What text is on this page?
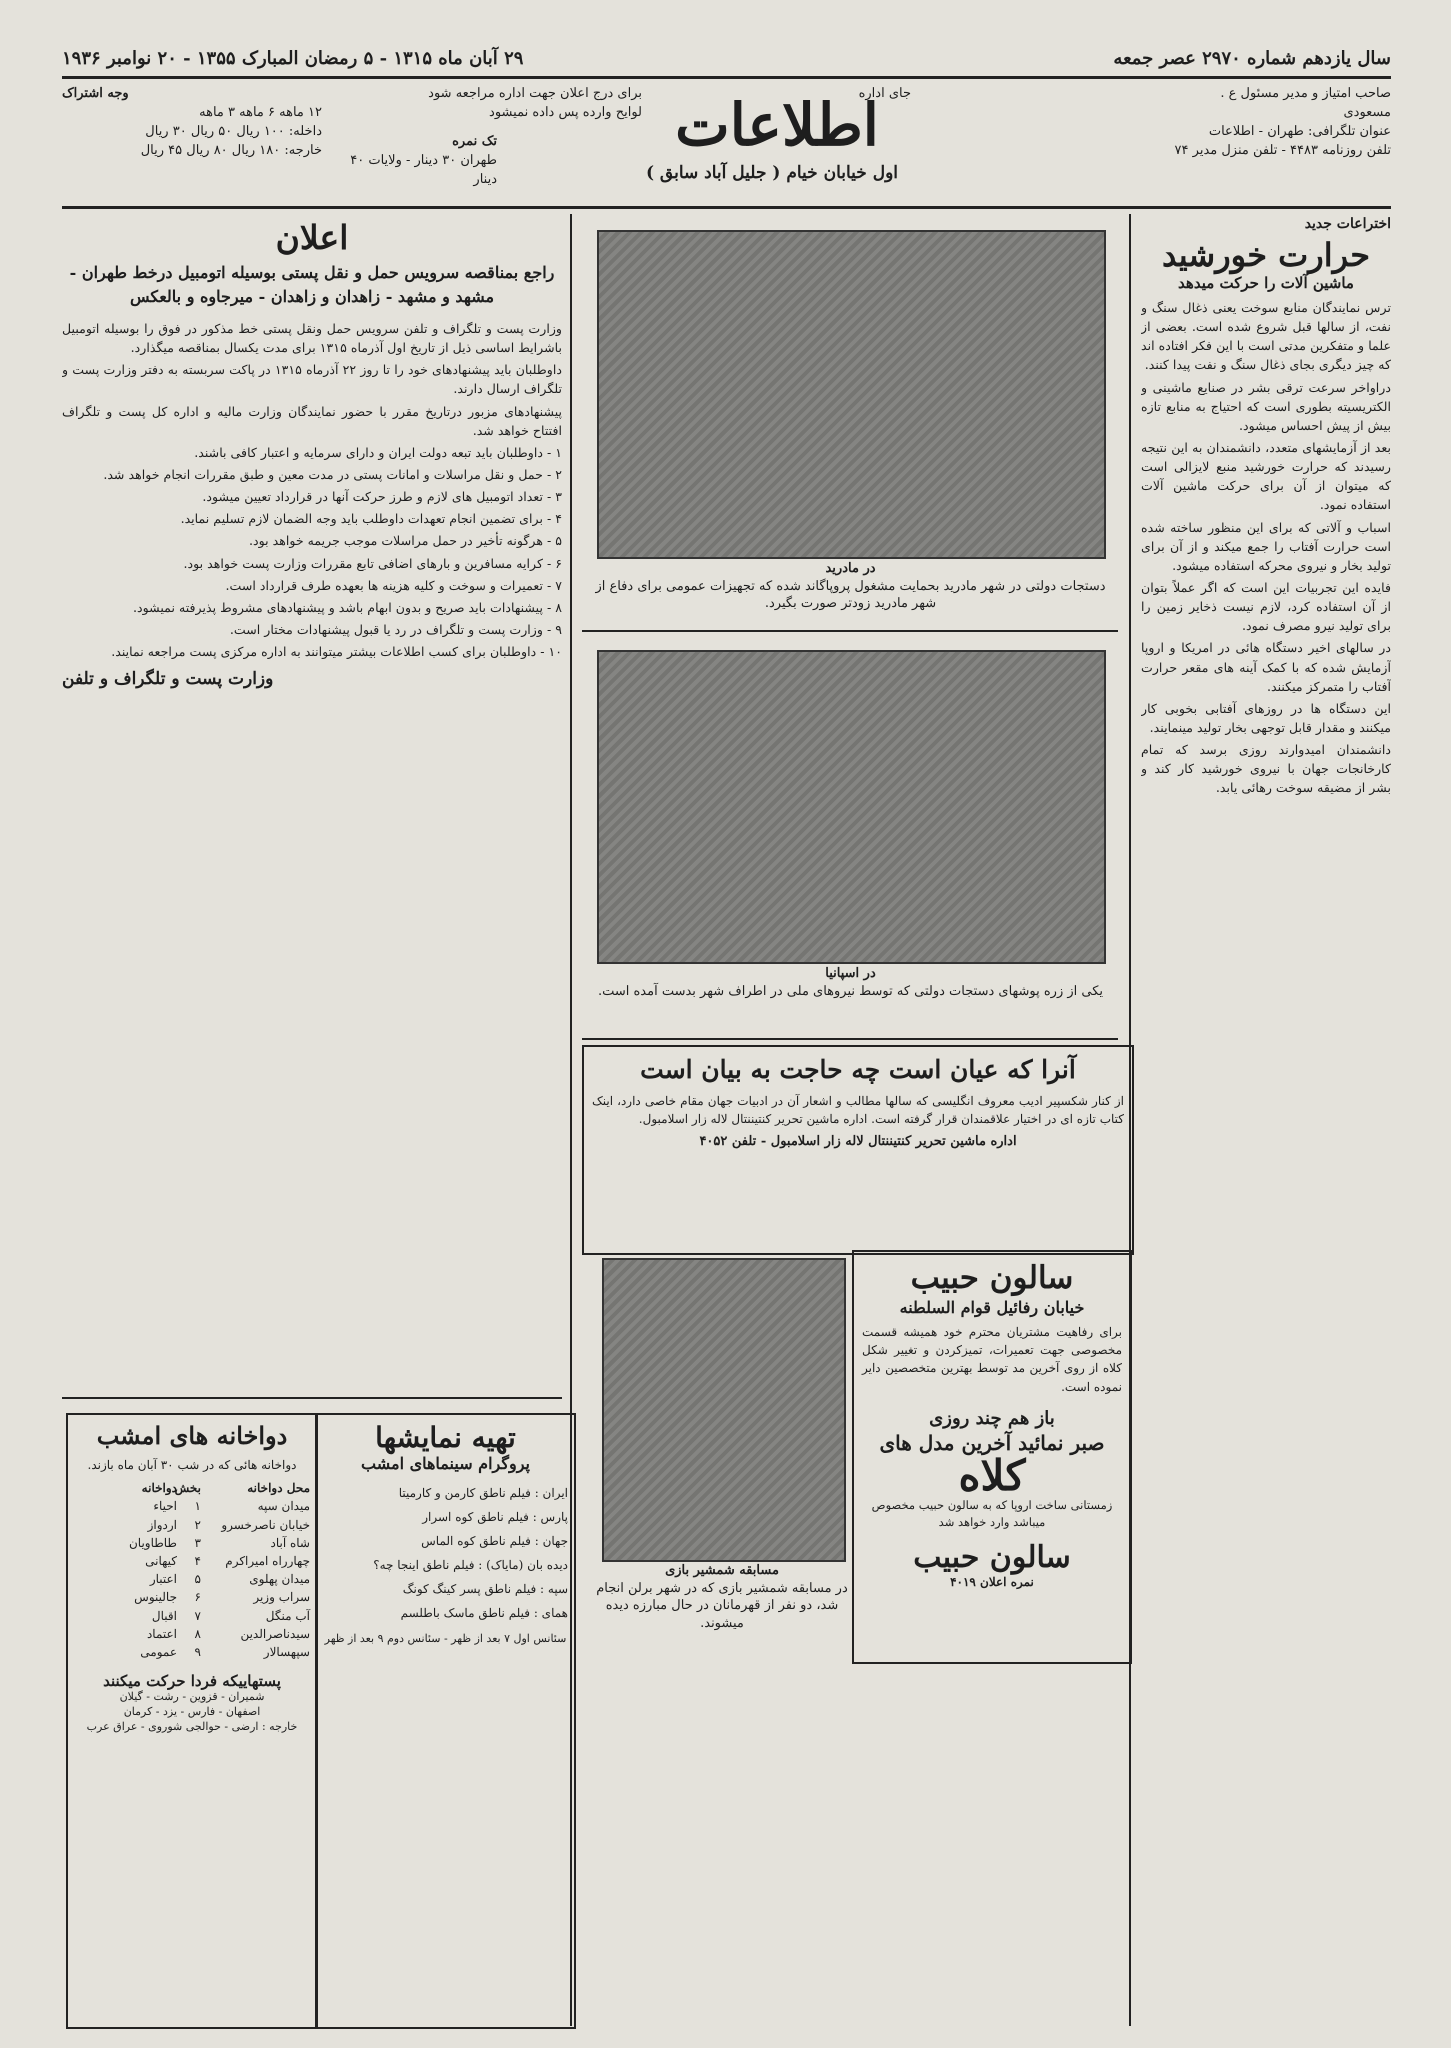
سال یازدهم شماره ۲۹۷۰ عصر جمعه
۲۹ آبان ماه ۱۳۱۵ - ۵ رمضان المبارک ۱۳۵۵ - ۲۰ نوامبر ۱۹۳۶
صاحب امتیاز و مدیر مسئول ع . مسعودی
عنوان تلگرافی: طهران - اطلاعات
تلفن روزنامه ۴۴۸۳ - تلفن منزل مدیر ۷۴
جای اداره
اطلاعات
اول خیابان خیام ( جلیل آباد سابق )
برای درج اعلان جهت اداره مراجعه شود
لوایح وارده پس داده نمیشود
تک نمره
طهران ۳۰ دینار - ولایات ۴۰ دینار
وجه اشتراک
۱۲ ماهه ۶ ماهه ۳ ماهه
داخله: ۱۰۰ ریال ۵۰ ریال ۳۰ ریال
خارجه: ۱۸۰ ریال ۸۰ ریال ۴۵ ریال
اختراعات جدید
حرارت خورشید
ماشین آلات را حرکت میدهد

ترس نمایندگان منابع سوخت یعنی ذغال سنگ و نفت، از سالها قبل شروع شده است. بعضی از علما و متفکرین مدتی است با این فکر افتاده اند که چیز دیگری بجای ذغال سنگ و نفت پیدا کنند.

دراواخر سرعت ترقی بشر در صنایع ماشینی و الکتریسیته بطوری است که احتیاج به منابع تازه بیش از پیش احساس میشود.

بعد از آزمایشهای متعدد، دانشمندان به این نتیجه رسیدند که حرارت خورشید منبع لایزالی است که میتوان از آن برای حرکت ماشین آلات استفاده نمود.

اسباب و آلاتی که برای این منظور ساخته شده است حرارت آفتاب را جمع میکند و از آن برای تولید بخار و نیروی محرکه استفاده میشود.

فایده این تجربیات این است که اگر عملاً بتوان از آن استفاده کرد، لازم نیست ذخایر زمین را برای تولید نیرو مصرف نمود.

در سالهای اخیر دستگاه هائی در امریکا و اروپا آزمایش شده که با کمک آینه های مقعر حرارت آفتاب را متمرکز میکنند.

این دستگاه ها در روزهای آفتابی بخوبی کار میکنند و مقدار قابل توجهی بخار تولید مینمایند.

دانشمندان امیدوارند روزی برسد که تمام کارخانجات جهان با نیروی خورشید کار کند و بشر از مضیقه سوخت رهائی یابد.

در مادرید
دستجات دولتی در شهر مادرید بحمایت مشغول پروپاگاند شده که تجهیزات عمومی برای دفاع از شهر مادرید زودتر صورت بگیرد.
در اسپانیا
یکی از زره پوشهای دستجات دولتی که توسط نیروهای ملی در اطراف شهر بدست آمده است.
آنرا که عیان است چه حاجت به بیان است
از کنار شکسپیر ادیب معروف انگلیسی که سالها مطالب و اشعار آن در ادبیات جهان مقام خاصی دارد، اینک کتاب تازه ای در اختیار علاقمندان قرار گرفته است. اداره ماشین تحریر کنتیننتال لاله زار اسلامبول.
اداره ماشین تحریر کنتیننتال لاله زار اسلامبول - تلفن ۴۰۵۲
مسابقه شمشیر بازی
در مسابقه شمشیر بازی که در شهر برلن انجام شد، دو نفر از قهرمانان در حال مبارزه دیده میشوند.
سالون حبیب
خیابان رفائیل قوام السلطنه
برای رفاهیت مشتریان محترم خود همیشه قسمت مخصوصی جهت تعمیرات، تمیزکردن و تغییر شکل کلاه از روی آخرین مد توسط بهترین متخصصین دایر نموده است.
باز هم چند روزی
صبر نمائید آخرین مدل های
کلاه
زمستانی ساخت اروپا که به سالون حبیب مخصوص میباشد وارد خواهد شد
سالون حبیب
نمره اعلان ۴۰۱۹
اعلان
راجع بمناقصه سرویس حمل و نقل پستی بوسیله اتومبیل درخط طهران - مشهد و مشهد - زاهدان و زاهدان - میرجاوه و بالعکس

وزارت پست و تلگراف و تلفن سرویس حمل ونقل پستی خط مذکور در فوق را بوسیله اتومبیل باشرایط اساسی ذیل از تاریخ اول آذرماه ۱۳۱۵ برای مدت یکسال بمناقصه میگذارد.

داوطلبان باید پیشنهادهای خود را تا روز ۲۲ آذرماه ۱۳۱۵ در پاکت سربسته به دفتر وزارت پست و تلگراف ارسال دارند.

پیشنهادهای مزبور درتاریخ مقرر با حضور نمایندگان وزارت مالیه و اداره کل پست و تلگراف افتتاح خواهد شد.

۱ - داوطلبان باید تبعه دولت ایران و دارای سرمایه و اعتبار کافی باشند.

۲ - حمل و نقل مراسلات و امانات پستی در مدت معین و طبق مقررات انجام خواهد شد.

۳ - تعداد اتومبیل های لازم و طرز حرکت آنها در قرارداد تعیین میشود.

۴ - برای تضمین انجام تعهدات داوطلب باید وجه الضمان لازم تسلیم نماید.

۵ - هرگونه تأخیر در حمل مراسلات موجب جریمه خواهد بود.

۶ - کرایه مسافرین و بارهای اضافی تابع مقررات وزارت پست خواهد بود.

۷ - تعمیرات و سوخت و کلیه هزینه ها بعهده طرف قرارداد است.

۸ - پیشنهادات باید صریح و بدون ابهام باشد و پیشنهادهای مشروط پذیرفته نمیشود.

۹ - وزارت پست و تلگراف در رد یا قبول پیشنهادات مختار است.

۱۰ - داوطلبان برای کسب اطلاعات بیشتر میتوانند به اداره مرکزی پست مراجعه نمایند.

وزارت پست و تلگراف و تلفن
دواخانه های امشب
دواخانه هائی که در شب ۳۰ آبان ماه بازند.
محل دواخانه
بخش
دواخانه
میدان سپه
۱
احیاء
خیابان ناصرخسرو
۲
اردواز
شاه آباد
۳
طاطاویان
چهارراه امیراکرم
۴
کیهانی
میدان پهلوی
۵
اعتبار
سراب وزیر
۶
جالینوس
آب منگل
۷
اقبال
سیدناصرالدین
۸
اعتماد
سپهسالار
۹
عمومی
پستهاییکه فردا حرکت میکنند
شمیران - قزوین - رشت - گیلان
اصفهان - فارس - یزد - کرمان
خارجه : ارضی - حوالجی شوروی - عراق عرب
تهیه نمایشها
پروگرام سینماهای امشب

ایران : فیلم ناطق کارمن و کارمیتا

پارس : فیلم ناطق کوه اسرار

جهان : فیلم ناطق کوه الماس

دیده بان (مایاک) : فیلم ناطق اینجا چه؟

سپه : فیلم ناطق پسر کینگ کونگ

همای : فیلم ناطق ماسک باطلسم

سئانس اول ۷ بعد از ظهر - سئانس دوم ۹ بعد از ظهر
